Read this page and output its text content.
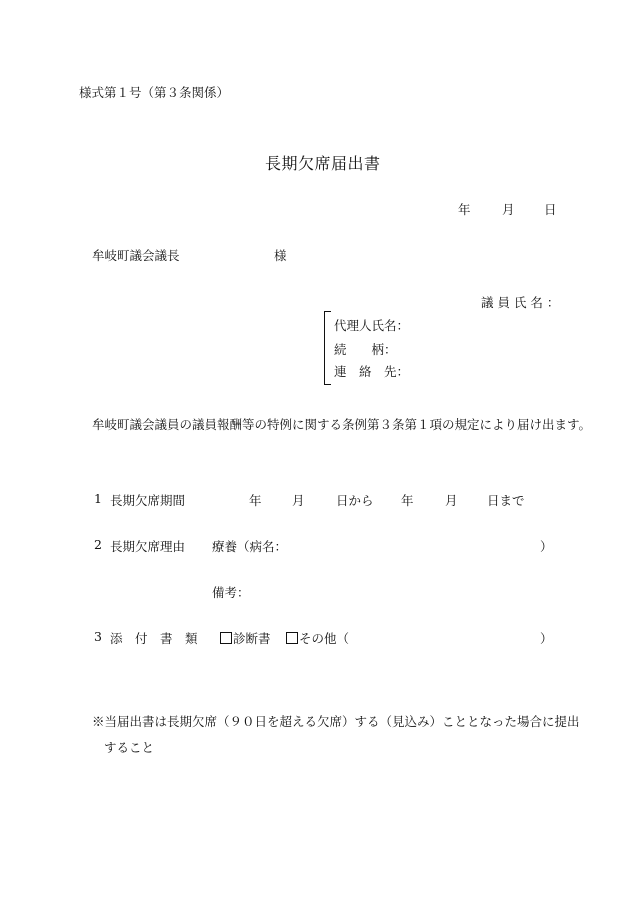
様式第１号（第３条関係）
長期欠席届出書
年	月 日
牟岐町議会議長	様
議 員 氏 名 ：
代理人氏名：
続　　柄：
連　絡　先：
牟岐町議会議員の議員報酬等の特例に関する条例第３条第１項の規定により届け出ます。
1 長期欠席期間	年 月	日から 年	月 日まで
2 長期欠席理由 療養（病名：	）
備考：
3 添　付　書　類	診断書	その他（	）
※当届出書は長期欠席（９０日を超える欠席）する（見込み）こととなった場合に提出
すること
